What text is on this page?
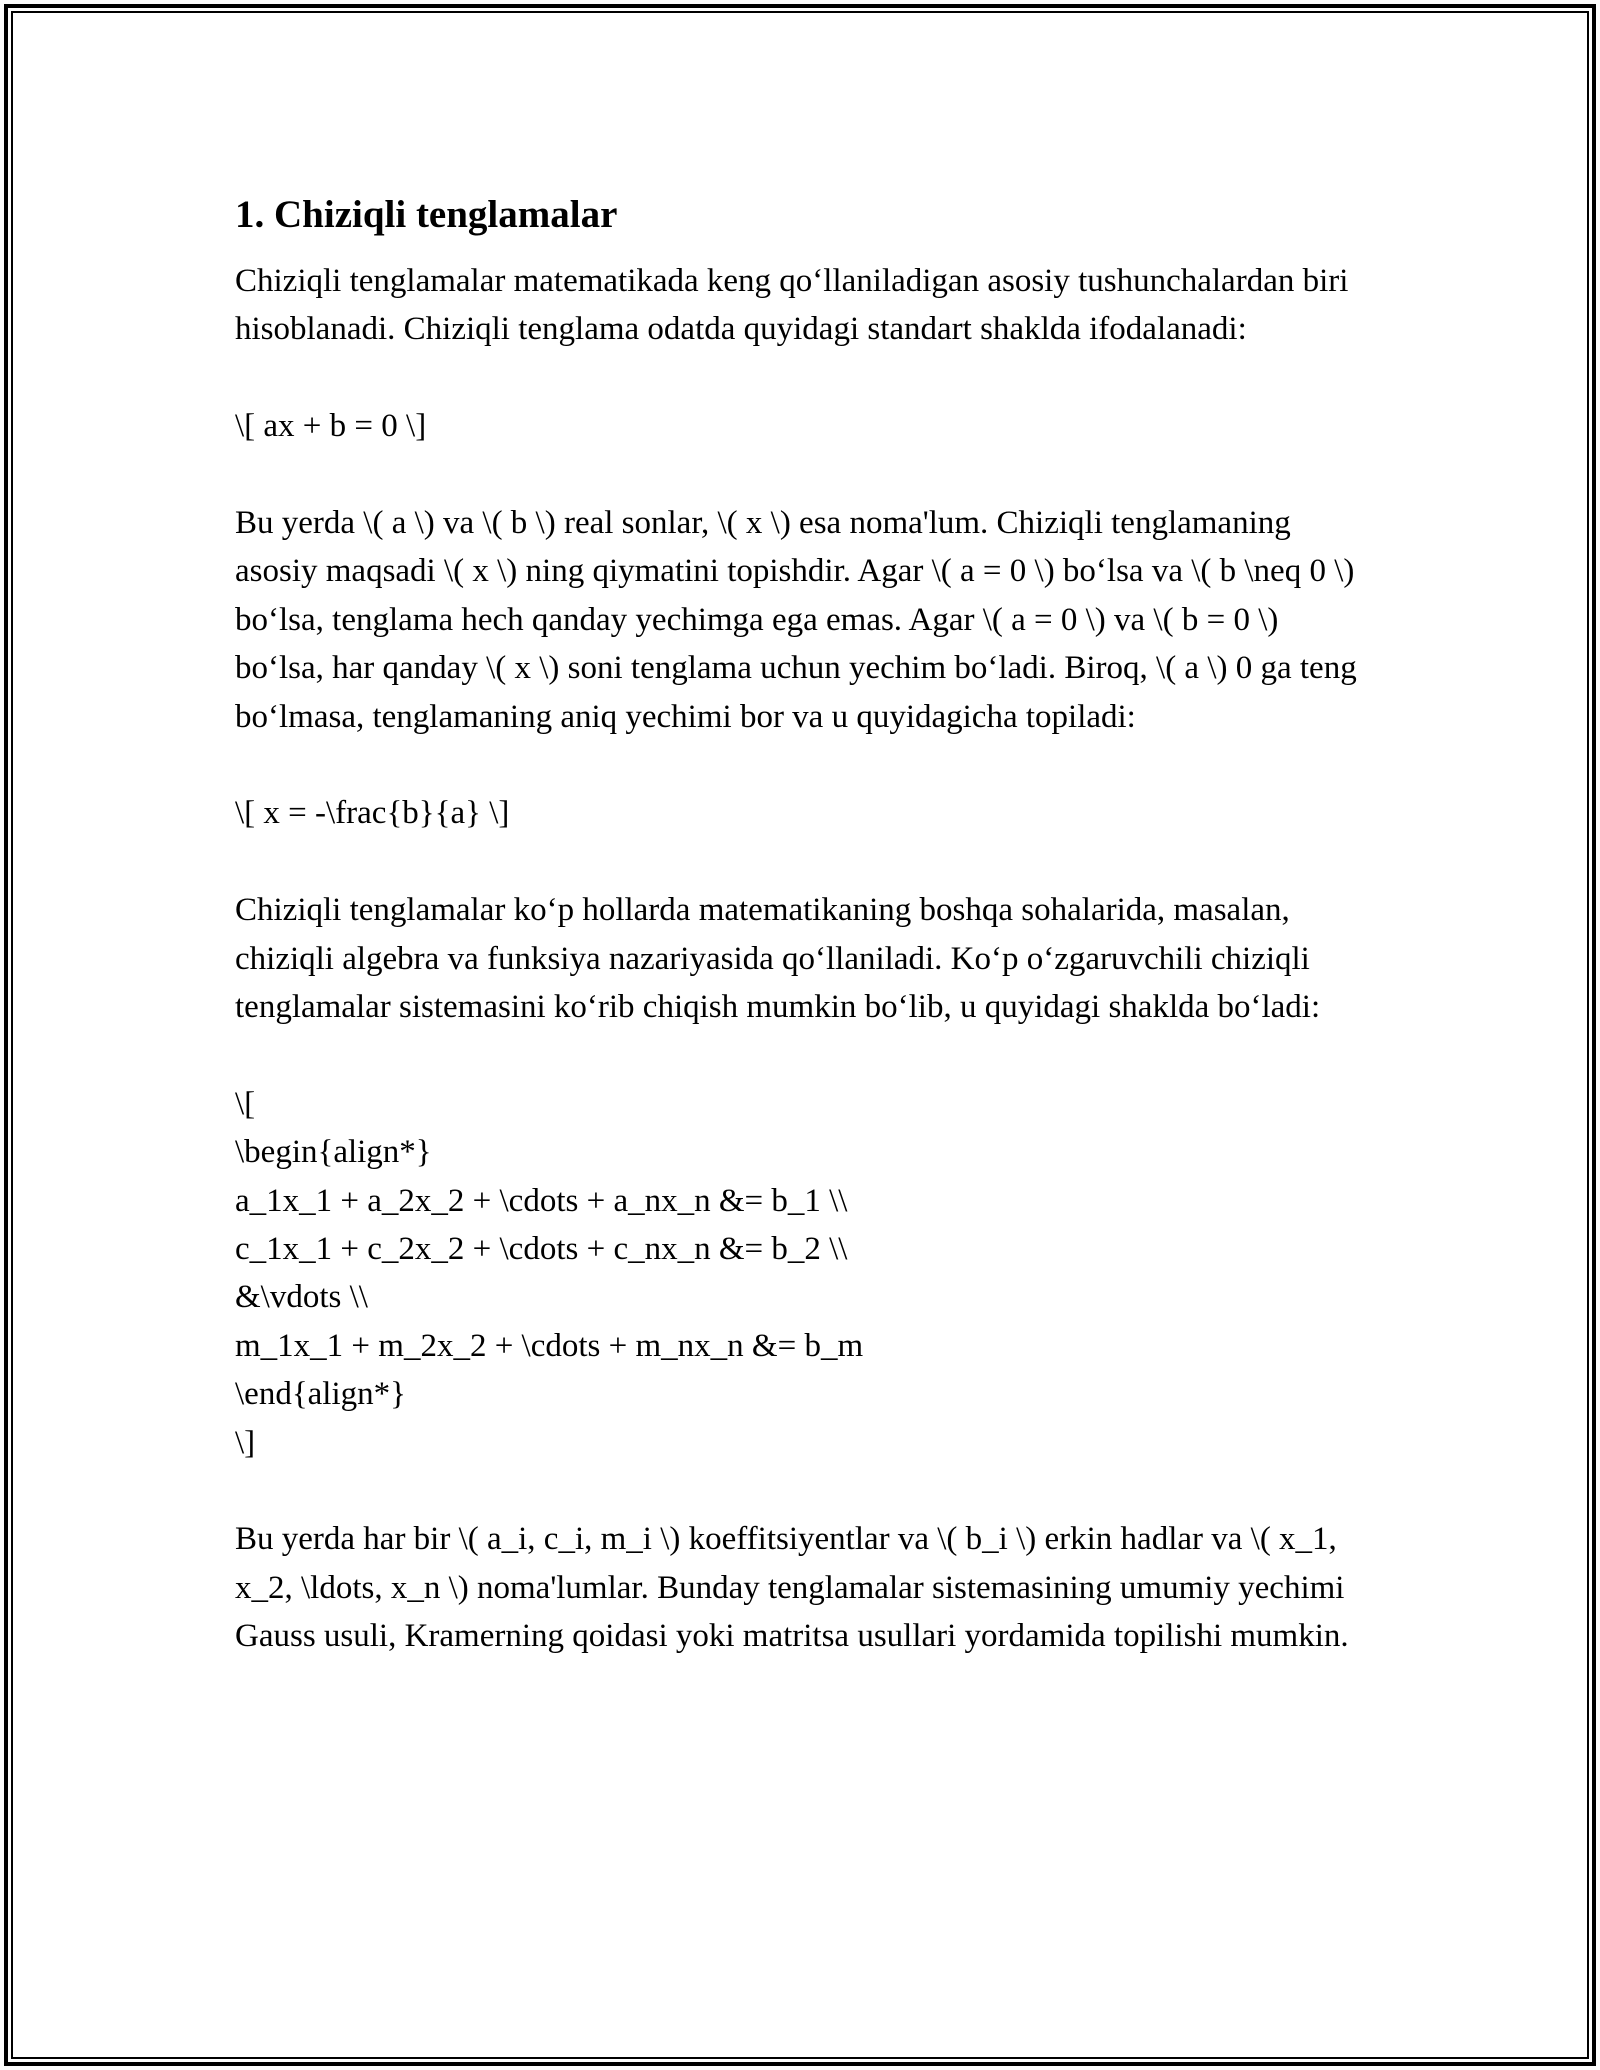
1. Chiziqli tenglamalar

Chiziqli tenglamalar matematikada keng qo‘llaniladigan asosiy tushunchalardan biri hisoblanadi. Chiziqli tenglama odatda quyidagi standart shaklda ifodalanadi:

\[ ax + b = 0 \]

Bu yerda \( a \) va \( b \) real sonlar, \( x \) esa noma'lum. Chiziqli tenglamaning asosiy maqsadi \( x \) ning qiymatini topishdir. Agar \( a = 0 \) bo‘lsa va \( b \neq 0 \) bo‘lsa, tenglama hech qanday yechimga ega emas. Agar \( a = 0 \) va \( b = 0 \) bo‘lsa, har qanday \( x \) soni tenglama uchun yechim bo‘ladi. Biroq, \( a \) 0 ga teng bo‘lmasa, tenglamaning aniq yechimi bor va u quyidagicha topiladi:

\[ x = -\frac{b}{a} \]

Chiziqli tenglamalar ko‘p hollarda matematikaning boshqa sohalarida, masalan, chiziqli algebra va funksiya nazariyasida qo‘llaniladi. Ko‘p o‘zgaruvchili chiziqli tenglamalar sistemasini ko‘rib chiqish mumkin bo‘lib, u quyidagi shaklda bo‘ladi:

\[
\begin{align*}
a_1x_1 + a_2x_2 + \cdots + a_nx_n &= b_1 \\
c_1x_1 + c_2x_2 + \cdots + c_nx_n &= b_2 \\
&\vdots \\
m_1x_1 + m_2x_2 + \cdots + m_nx_n &= b_m
\end{align*}
\]

Bu yerda har bir \( a_i, c_i, m_i \) koeffitsiyentlar va \( b_i \) erkin hadlar va \( x_1, x_2, \ldots, x_n \) noma'lumlar. Bunday tenglamalar sistemasining umumiy yechimi Gauss usuli, Kramerning qoidasi yoki matritsa usullari yordamida topilishi mumkin.
